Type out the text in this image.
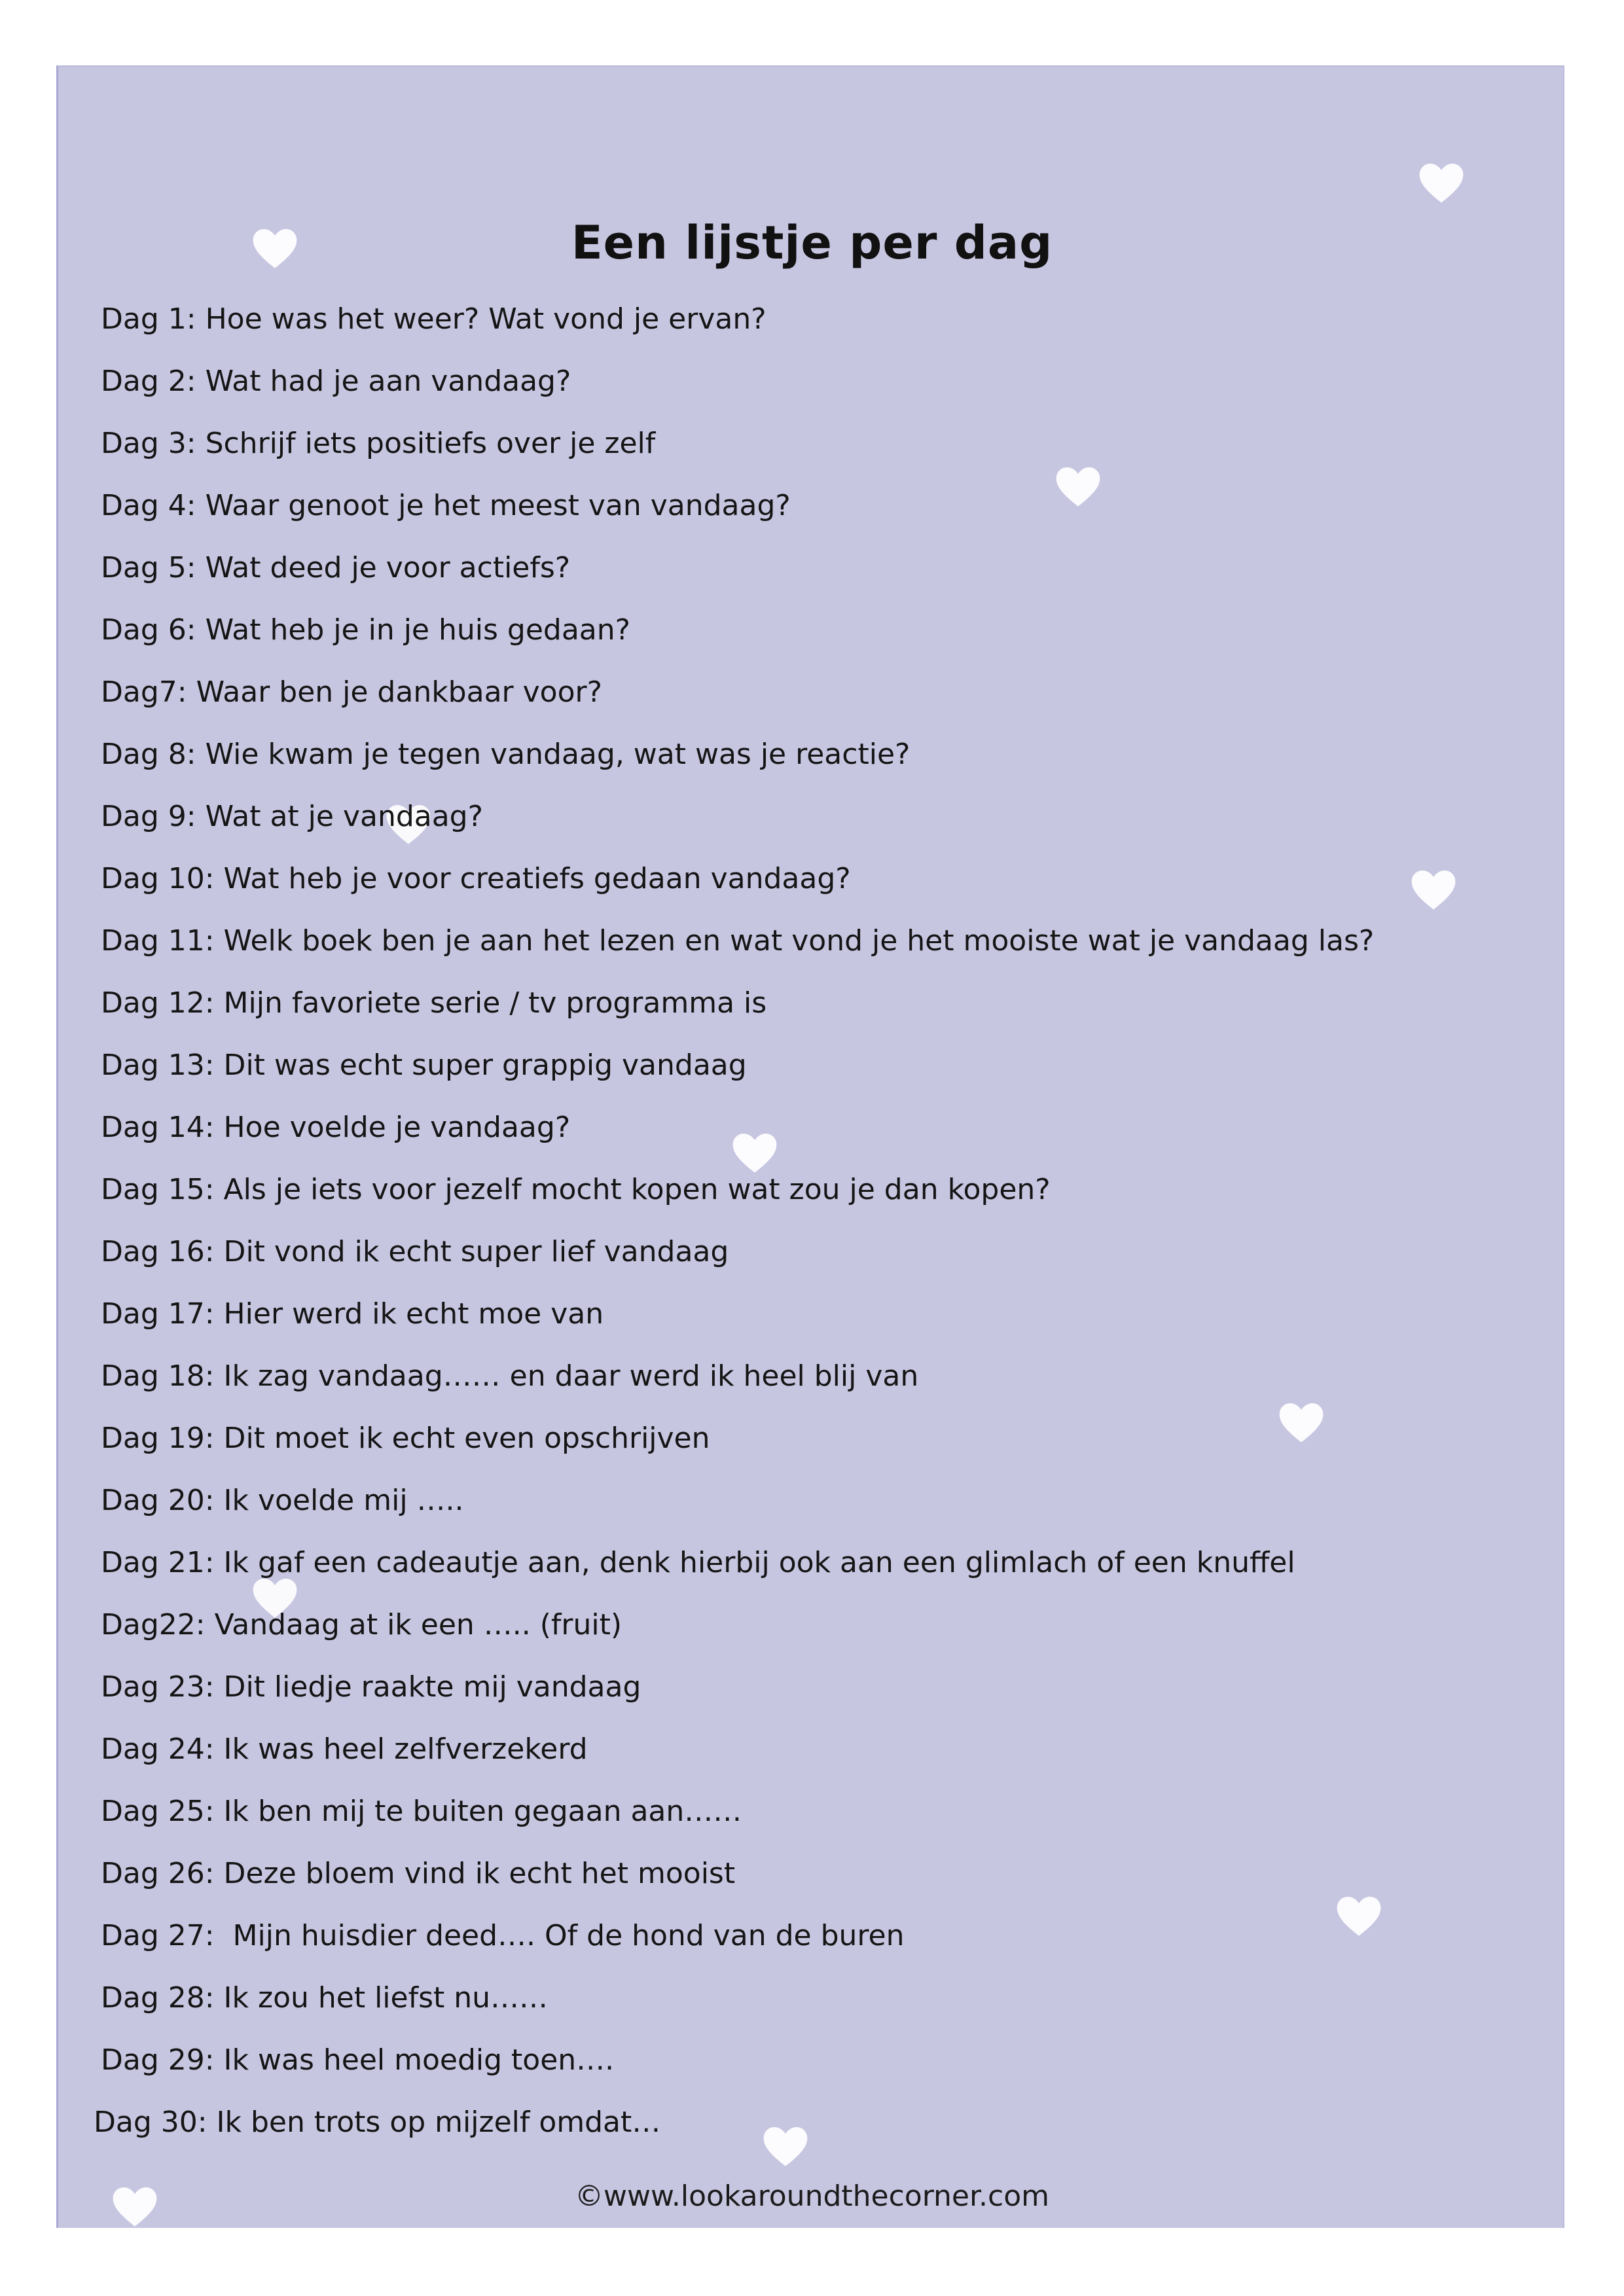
Een lijstje per dag
Dag 1: Hoe was het weer? Wat vond je ervan?
Dag 2: Wat had je aan vandaag?
Dag 3: Schrijf iets positiefs over je zelf
Dag 4: Waar genoot je het meest van vandaag?
Dag 5: Wat deed je voor actiefs?
Dag 6: Wat heb je in je huis gedaan?
Dag7: Waar ben je dankbaar voor?
Dag 8: Wie kwam je tegen vandaag, wat was je reactie?
Dag 9: Wat at je vandaag?
Dag 10: Wat heb je voor creatiefs gedaan vandaag?
Dag 11: Welk boek ben je aan het lezen en wat vond je het mooiste wat je vandaag las?
Dag 12: Mijn favoriete serie / tv programma is
Dag 13: Dit was echt super grappig vandaag
Dag 14: Hoe voelde je vandaag?
Dag 15: Als je iets voor jezelf mocht kopen wat zou je dan kopen?
Dag 16: Dit vond ik echt super lief vandaag
Dag 17: Hier werd ik echt moe van
Dag 18: Ik zag vandaag…… en daar werd ik heel blij van
Dag 19: Dit moet ik echt even opschrijven
Dag 20: Ik voelde mij …..
Dag 21: Ik gaf een cadeautje aan, denk hierbij ook aan een glimlach of een knuffel
Dag22: Vandaag at ik een ….. (fruit)
Dag 23: Dit liedje raakte mij vandaag
Dag 24: Ik was heel zelfverzekerd
Dag 25: Ik ben mij te buiten gegaan aan……
Dag 26: Deze bloem vind ik echt het mooist
Dag 27:  Mijn huisdier deed…. Of de hond van de buren
Dag 28: Ik zou het liefst nu……
Dag 29: Ik was heel moedig toen….
Dag 30: Ik ben trots op mijzelf omdat…
©www.lookaroundthecorner.com
